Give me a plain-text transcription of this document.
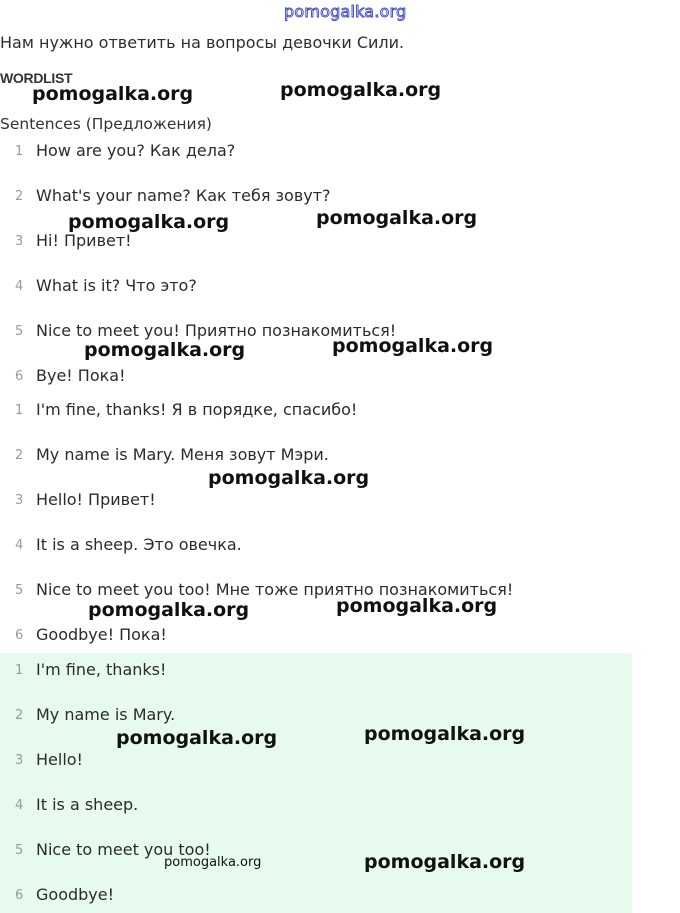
pomogalka.org
Нам нужно ответить на вопросы девочки Сили.
WORDLIST
Sentences (Предложения)
1 How are you? Как дела?
2 What's your name? Как тебя зовут?
3 Hi! Привет!
4 What is it? Что это?
5 Nice to meet you! Приятно познакомиться!
6 Bye! Пока!
1 I'm fine, thanks! Я в порядке, спасибо!
2 My name is Mary. Меня зовут Мэри.
3 Hello! Привет!
4 It is a sheep. Это овечка.
5 Nice to meet you too! Мне тоже приятно познакомиться!
6 Goodbye! Пока!
1 I'm fine, thanks!
2 My name is Mary.
3 Hello!
4 It is a sheep.
5 Nice to meet you too!
6 Goodbye!
pomogalka.org	pomogalka.org
pomogalka.org	pomogalka.org
pomogalka.org	pomogalka.org
pomogalka.org
pomogalka.org	pomogalka.org
pomogalka.org	pomogalka.org
pomogalka.org	pomogalka.org
